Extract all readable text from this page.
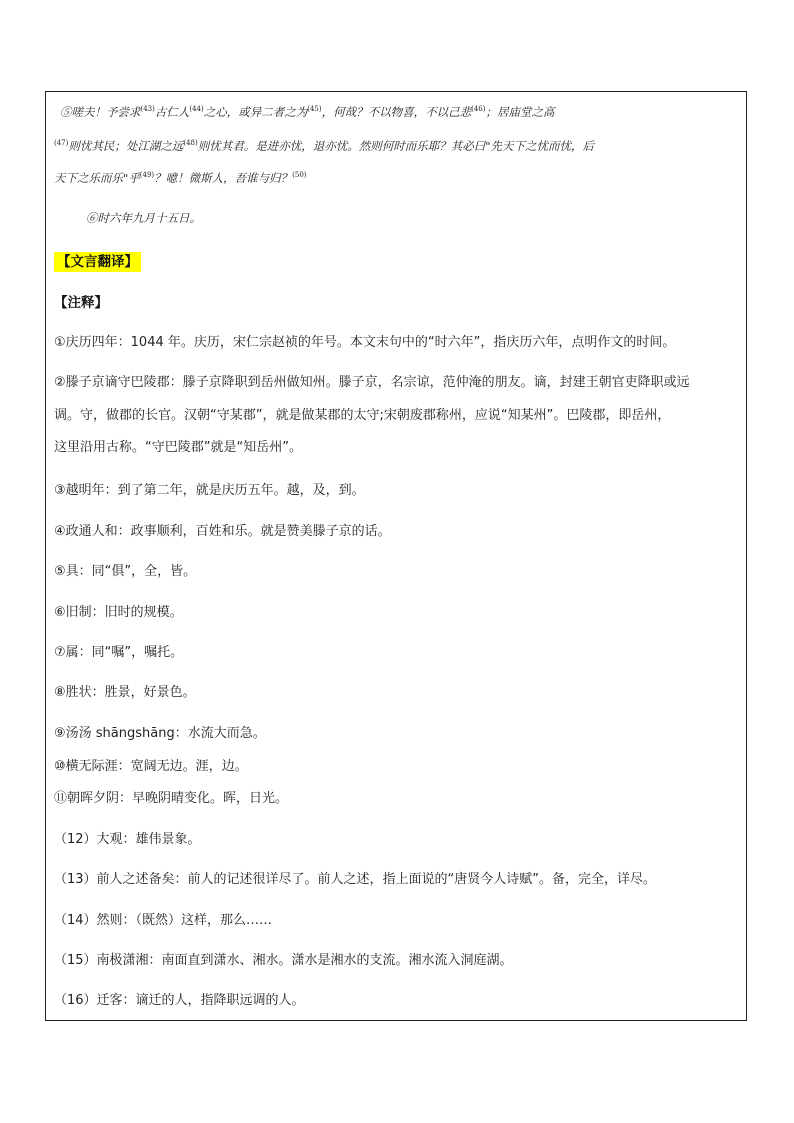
⑤嗟夫！予尝求$^{(43)}$古仁人$^{(44)}$之心，或异二者之为$^{(45)}$，何哉？不以物喜，不以己悲$^{(46)}$；居庙堂之高
$^{(47)}$则忧其民；处江湖之远$^{(48)}$则忧其君。是进亦忧，退亦忧。然则何时而乐耶？其必曰"先天下之忧而忧，后
天下之乐而乐"乎$^{(49)}$？噫！微斯人，吾谁与归？$^{(50)}$
⑥时六年九月十五日。
【文言翻译】
【注释】
①庆历四年：1044 年。庆历，宋仁宗赵祯的年号。本文末句中的“时六年”，指庆历六年，点明作文的时间。
②滕子京谪守巴陵郡：滕子京降职到岳州做知州。滕子京，名宗谅，范仲淹的朋友。谪，封建王朝官吏降职或远
调。守，做郡的长官。汉朝“守某郡”，就是做某郡的太守;宋朝废郡称州，应说“知某州”。巴陵郡，即岳州，
这里沿用古称。“守巴陵郡”就是“知岳州”。
③越明年：到了第二年，就是庆历五年。越，及，到。
④政通人和：政事顺利，百姓和乐。就是赞美滕子京的话。
⑤具：同“俱”，全，皆。
⑥旧制：旧时的规模。
⑦属：同“嘱”，嘱托。
⑧胜状：胜景，好景色。
⑨汤汤 shāngshāng：水流大而急。
⑩横无际涯：宽阔无边。涯，边。
⑪朝晖夕阴：早晚阴晴变化。晖，日光。
（12）大观：雄伟景象。
（13）前人之述备矣：前人的记述很详尽了。前人之述，指上面说的“唐贤今人诗赋”。备，完全，详尽。
（14）然则：（既然）这样，那么……
（15）南极潇湘：南面直到潇水、湘水。潇水是湘水的支流。湘水流入洞庭湖。
（16）迁客：谪迁的人，指降职远调的人。
